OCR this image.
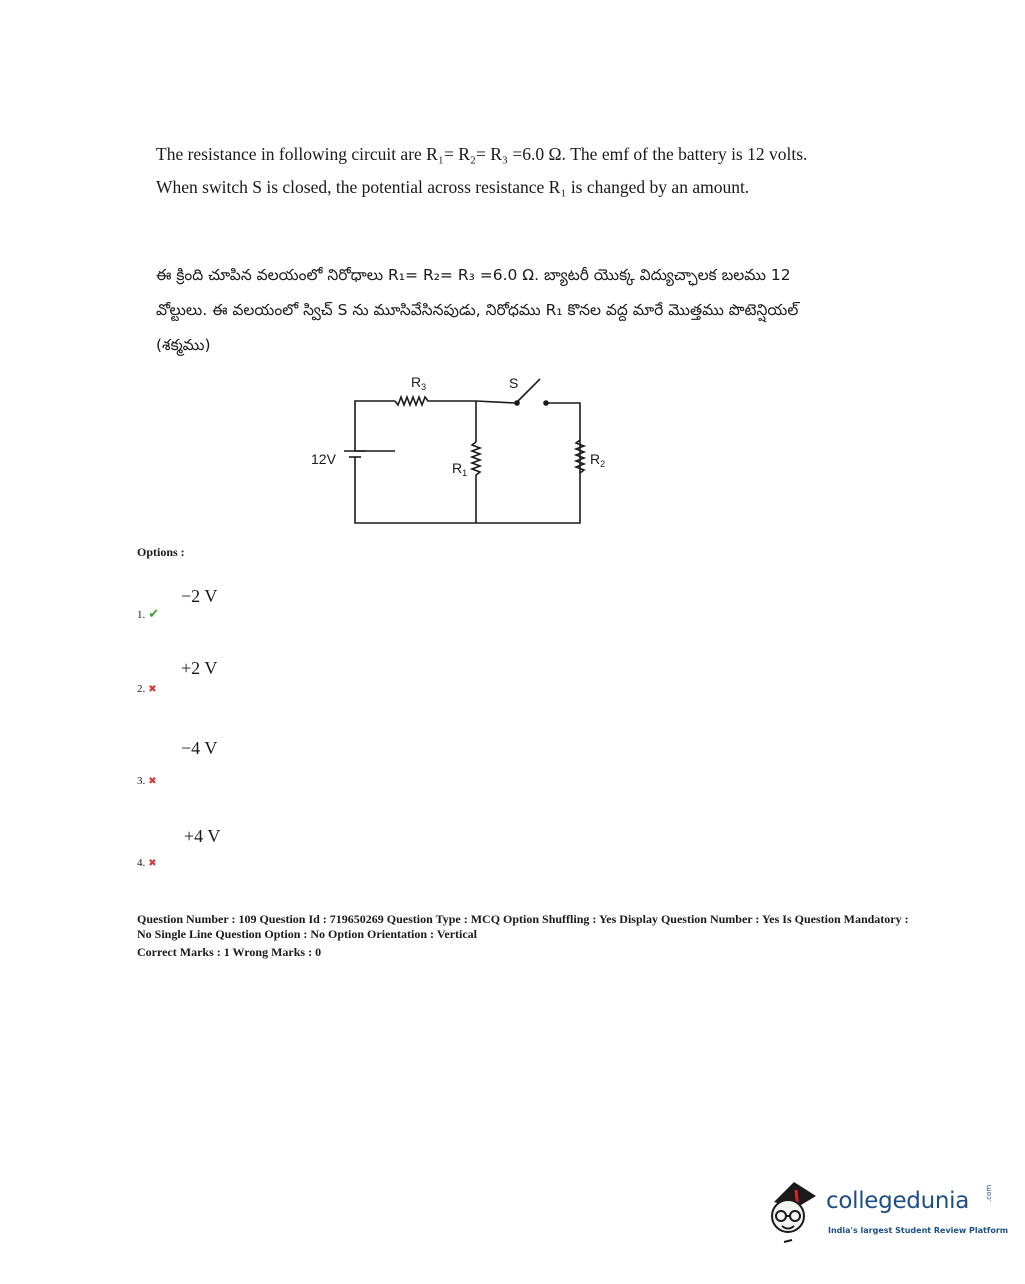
The resistance in following circuit are R₁= R₂= R₃ =6.0 Ω. The emf of the battery is 12 volts. When switch S is closed, the potential across resistance R₁ is changed by an amount.

ఈ క్రింది చూపిన వలయంలో నిరోధాలు R₁= R₂= R₃ =6.0 Ω. బ్యాటరీ యొక్క విద్యుచ్ఛాలక బలము 12 వోల్టులు. ఈ వలయంలో స్విచ్ S ను మూసివేసినపుడు, నిరోధము R₁ కొనల వద్ద మారే మొత్తము పొటెన్షియల్ (శక్మము)

12V
$R_3$
$R_1$
$R_2$
S
Options :
−2 V
1. ✔
+2 V
2. ✖
−4 V
3. ✖
+4 V
4. ✖

Question Number : 109 Question Id : 719650269 Question Type : MCQ Option Shuffling : Yes Display Question Number : Yes Is Question Mandatory : No Single Line Question Option : No Option Orientation : Vertical

Correct Marks : 1 Wrong Marks : 0
collegedunia .com
India's largest Student Review Platform
